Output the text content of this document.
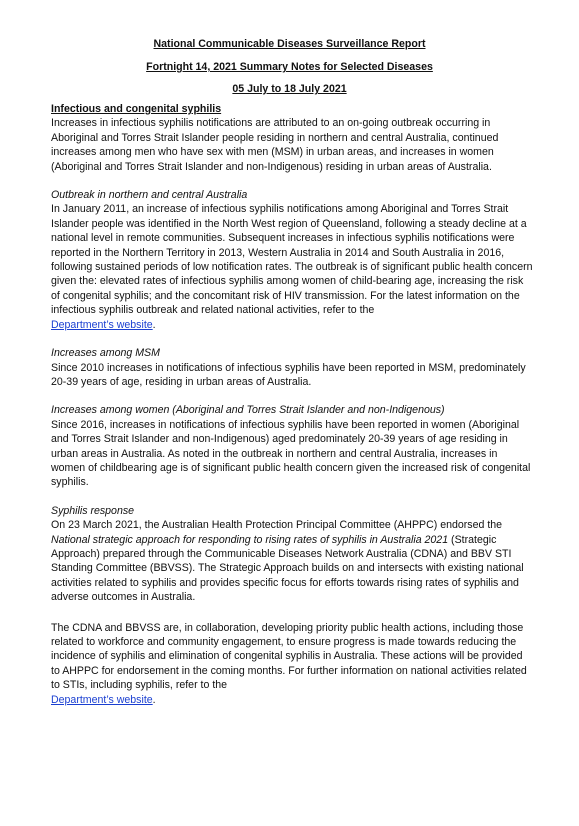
National Communicable Diseases Surveillance Report
Fortnight 14, 2021 Summary Notes for Selected Diseases
05 July to 18 July 2021

Infectious and congenital syphilis

Increases in infectious syphilis notifications are attributed to an on-going outbreak occurring in Aboriginal and Torres Strait Islander people residing in northern and central Australia, continued increases among men who have sex with men (MSM) in urban areas, and increases in women (Aboriginal and Torres Strait Islander and non-Indigenous) residing in urban areas of Australia.

Outbreak in northern and central Australia

In January 2011, an increase of infectious syphilis notifications among Aboriginal and Torres Strait Islander people was identified in the North West region of Queensland, following a steady decline at a national level in remote communities. Subsequent increases in infectious syphilis notifications were reported in the Northern Territory in 2013, Western Australia in 2014 and South Australia in 2016, following sustained periods of low notification rates. The outbreak is of significant public health concern given the: elevated rates of infectious syphilis among women of child-bearing age, increasing the risk of congenital syphilis; and the concomitant risk of HIV transmission. For the latest information on the infectious syphilis outbreak and related national activities, refer to the
Department’s website.

Increases among MSM

Since 2010 increases in notifications of infectious syphilis have been reported in MSM, predominately 20-39 years of age, residing in urban areas of Australia.

Increases among women (Aboriginal and Torres Strait Islander and non-Indigenous)

Since 2016, increases in notifications of infectious syphilis have been reported in women (Aboriginal and Torres Strait Islander and non-Indigenous) aged predominately 20-39 years of age residing in urban areas in Australia. As noted in the outbreak in northern and central Australia, increases in women of childbearing age is of significant public health concern given the increased risk of congenital syphilis.

Syphilis response

On 23 March 2021, the Australian Health Protection Principal Committee (AHPPC) endorsed the National strategic approach for responding to rising rates of syphilis in Australia 2021 (Strategic Approach) prepared through the Communicable Diseases Network Australia (CDNA) and BBV STI Standing Committee (BBVSS). The Strategic Approach builds on and intersects with existing national activities related to syphilis and provides specific focus for efforts towards rising rates of syphilis and adverse outcomes in Australia.

The CDNA and BBVSS are, in collaboration, developing priority public health actions, including those related to workforce and community engagement, to ensure progress is made towards reducing the incidence of syphilis and elimination of congenital syphilis in Australia. These actions will be provided to AHPPC for endorsement in the coming months. For further information on national activities related to STIs, including syphilis, refer to the
Department’s website.
